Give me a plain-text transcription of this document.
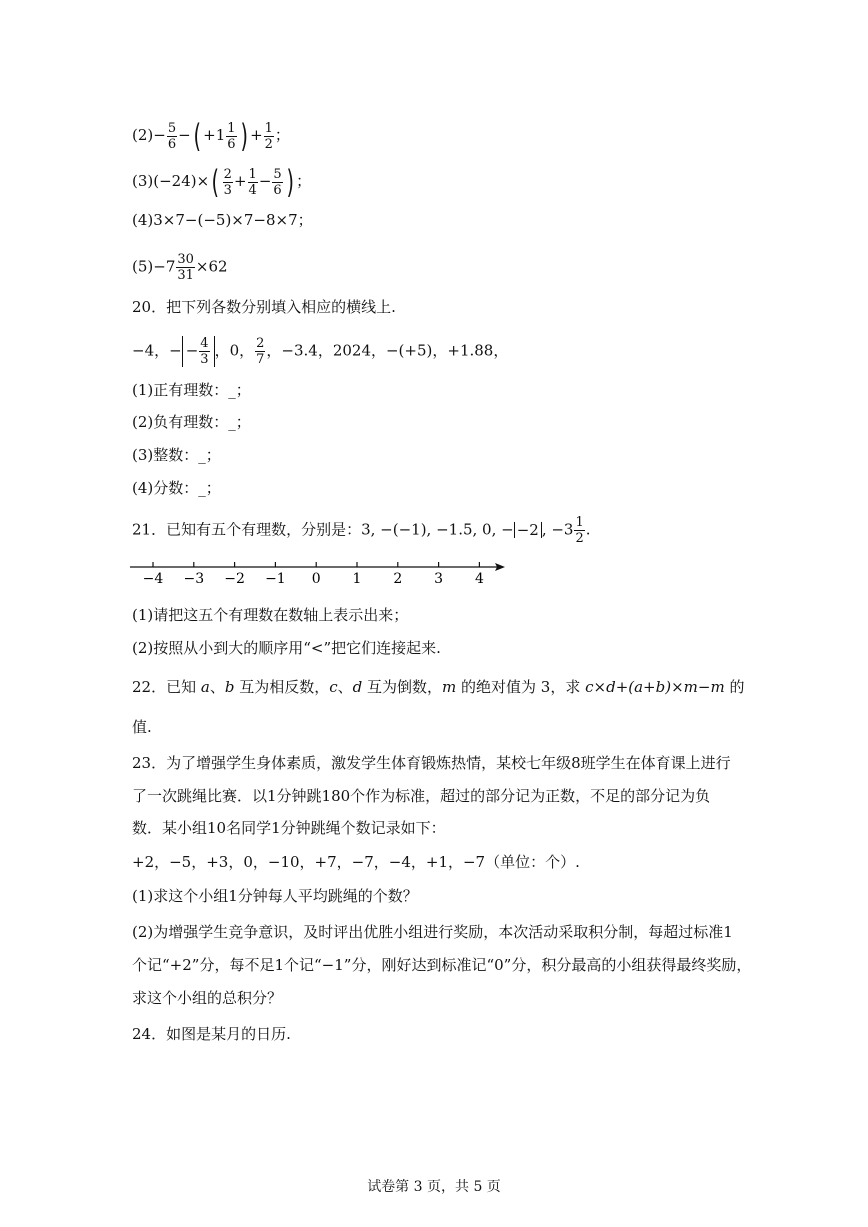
$(2)- \frac{5}{6}$ −( $+1 \frac{1}{6}$ ) + $\frac{1}{2}$ ；
$(3)(-24)\times( \frac{2}{3} + \frac{1}{4} - \frac{5}{6}$ ) ；
(4)3×7−(−5)×7−8×7；
$(5)-7 \frac{30}{31} \times 62$
20．把下列各数分别填入相应的横线上.
−4，− − $\frac{4}{3}$ ，0， $\frac{2}{7}$ ，−3.4，2024，−(+5)，+1.88，
(1)正有理数：_；
(2)负有理数：_；
(3)整数：_；
(4)分数：_；
21．已知有五个有理数，分别是：3, −(−1), −1.5, 0, − −2 , $-3 \frac{1}{2}$ .
−4 −3 −2 −1 0 1 2 3 4
(1)请把这五个有理数在数轴上表示出来；
(2)按照从小到大的顺序用“<”把它们连接起来.
22．已知 a、b 互为相反数，c、d 互为倒数，m 的绝对值为 3，求 c×d+(a+b)×m−m 的
值.
23．为了增强学生身体素质，激发学生体育锻炼热情，某校七年级8班学生在体育课上进行
了一次跳绳比赛．以1分钟跳180个作为标准，超过的部分记为正数，不足的部分记为负
数．某小组10名同学1分钟跳绳个数记录如下：
+2，−5，+3，0，−10，+7，−7，−4，+1，−7（单位：个）.
(1)求这个小组1分钟每人平均跳绳的个数？
(2)为增强学生竞争意识，及时评出优胜小组进行奖励，本次活动采取积分制，每超过标准1
个记“+2”分，每不足1个记“−1”分，刚好达到标准记“0”分，积分最高的小组获得最终奖励，
求这个小组的总积分？
24．如图是某月的日历.
试卷第 3 页，共 5 页
